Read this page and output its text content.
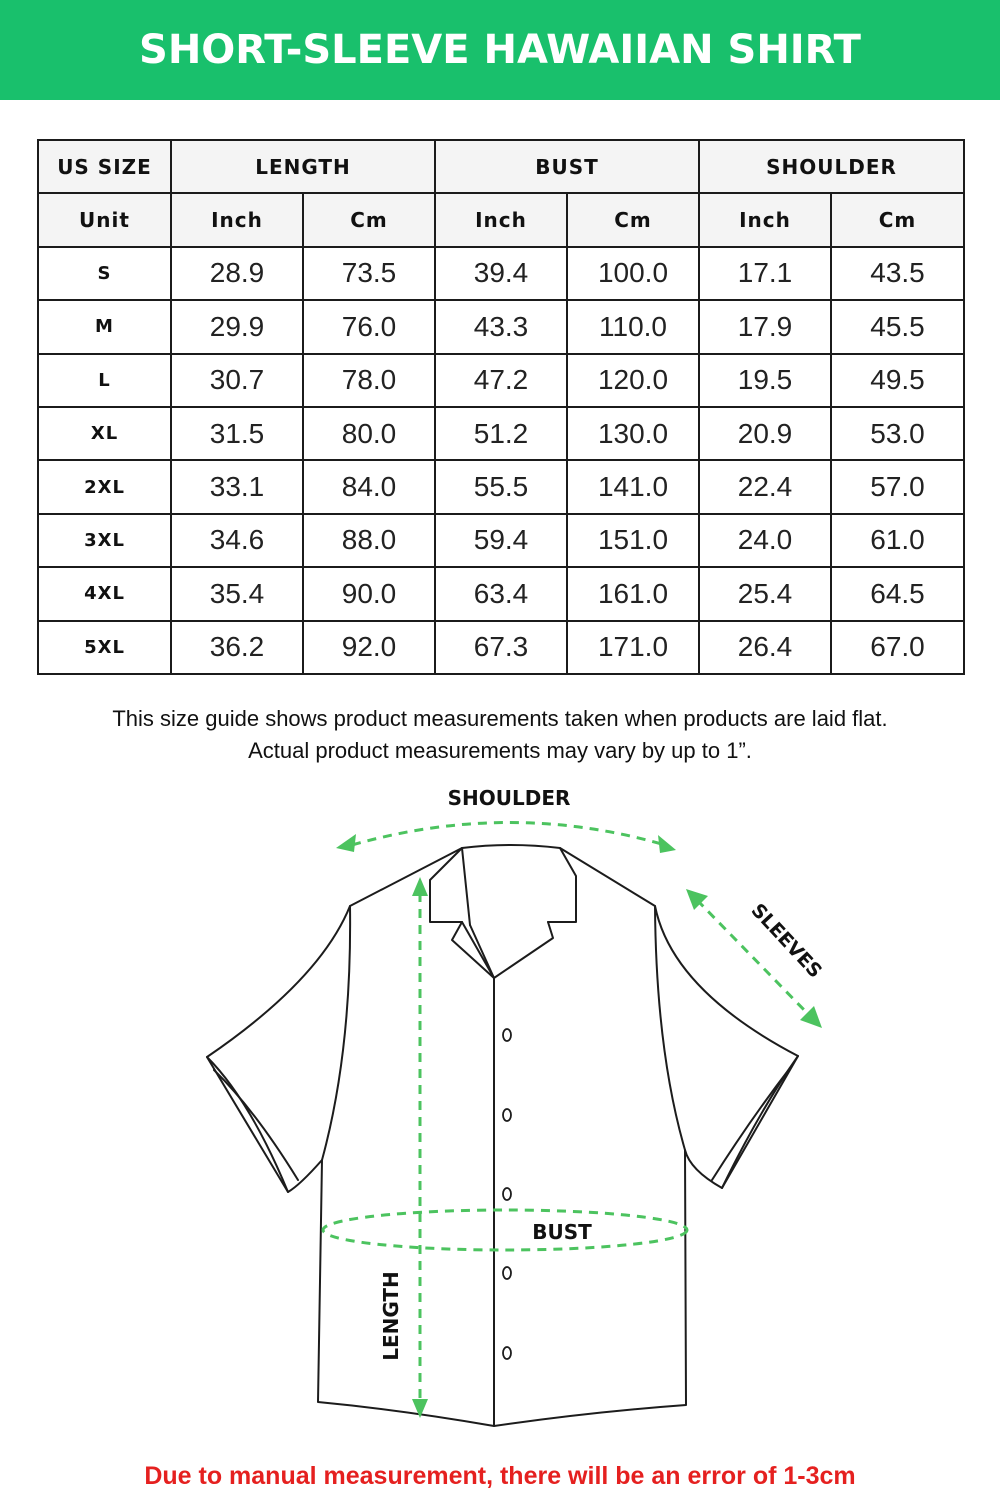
SHORT-SLEEVE HAWAIIAN SHIRT
US SIZE	LENGTH		BUST		SHOULDER	
Unit	Inch	Cm	Inch	Cm	Inch	Cm
S	28.9	73.5	39.4	100.0	17.1	43.5
M	29.9	76.0	43.3	110.0	17.9	45.5
L	30.7	78.0	47.2	120.0	19.5	49.5
XL	31.5	80.0	51.2	130.0	20.9	53.0
2XL	33.1	84.0	55.5	141.0	22.4	57.0
3XL	34.6	88.0	59.4	151.0	24.0	61.0
4XL	35.4	90.0	63.4	161.0	25.4	64.5
5XL	36.2	92.0	67.3	171.0	26.4	67.0
This size guide shows product measurements taken when products are laid flat.
Actual product measurements may vary by up to 1”.
SHOULDER
SLEEVES
BUST
LENGTH
Due to manual measurement, there will be an error of 1-3cm
